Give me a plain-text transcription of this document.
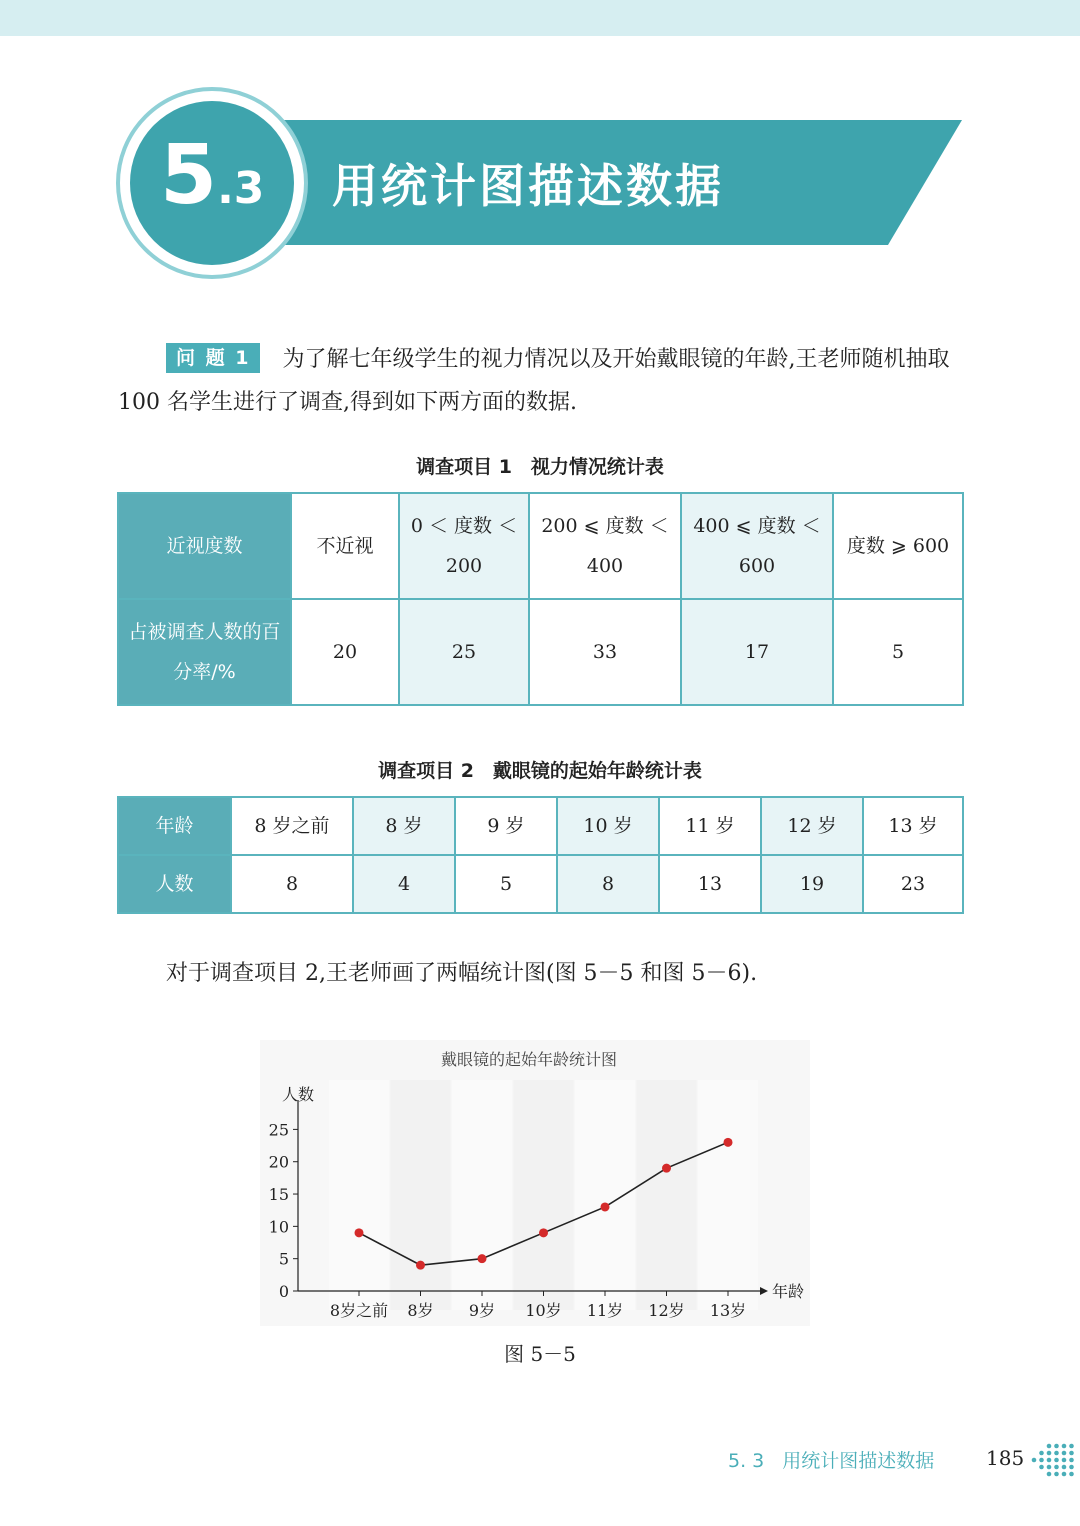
5.3 用统计图描述数据
问 题 1 为了解七年级学生的视力情况以及开始戴眼镜的年龄,王老师随机抽取 100 名学生进行了调查,得到如下两方面的数据.
调查项目 1　视力情况统计表
近视度数	不近视	0 ＜ 度数 ＜ 200	200 ⩽ 度数 ＜ 400	400 ⩽ 度数 ＜ 600	度数 ⩾ 600
占被调查人数的百分率/%	20	25	33	17	5
调查项目 2　戴眼镜的起始年龄统计表
年龄	8 岁之前	8 岁	9 岁	10 岁	11 岁	12 岁	13 岁
人数	8	4	5	8	13	19	23
对于调查项目 2,王老师画了两幅统计图(图 5－5 和图 5－6).
戴眼镜的起始年龄统计图
人数
年龄
0
5
10
15
20
25
8岁之前 8岁 9岁 10岁 11岁 12岁 13岁
图 5－5
5. 3 用统计图描述数据	185
